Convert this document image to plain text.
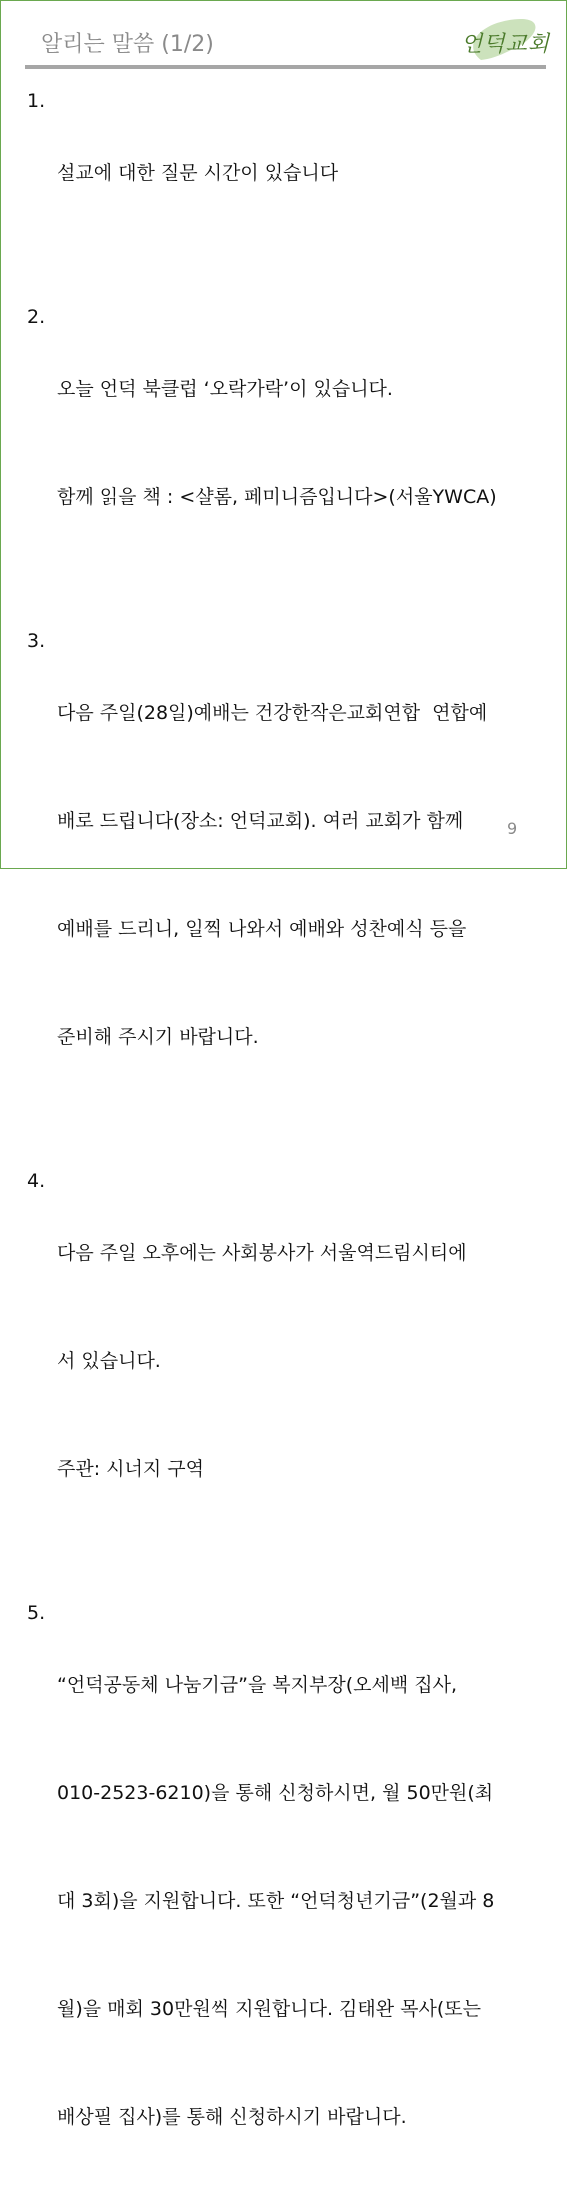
알리는 말씀 (1/2)	언덕교회
1.

설교에 대한 질문 시간이 있습니다

2.

오늘 언덕 북클럽 ‘오락가락’이 있습니다.

함께 읽을 책 : <샬롬, 페미니즘입니다>(서울YWCA)

3.

다음 주일(28일)예배는 건강한작은교회연합  연합예

배로 드립니다(장소: 언덕교회). 여러 교회가 함께

예배를 드리니, 일찍 나와서 예배와 성찬예식 등을

준비해 주시기 바랍니다.

4.

다음 주일 오후에는 사회봉사가 서울역드림시티에

서 있습니다.

주관: 시너지 구역

5.

“언덕공동체 나눔기금”을 복지부장(오세백 집사,

010-2523-6210)을 통해 신청하시면, 월 50만원(최

대 3회)을 지원합니다. 또한 “언덕청년기금”(2월과 8

월)을 매회 30만원씩 지원합니다. 김태완 목사(또는

배상필 집사)를 통해 신청하시기 바랍니다.

9
